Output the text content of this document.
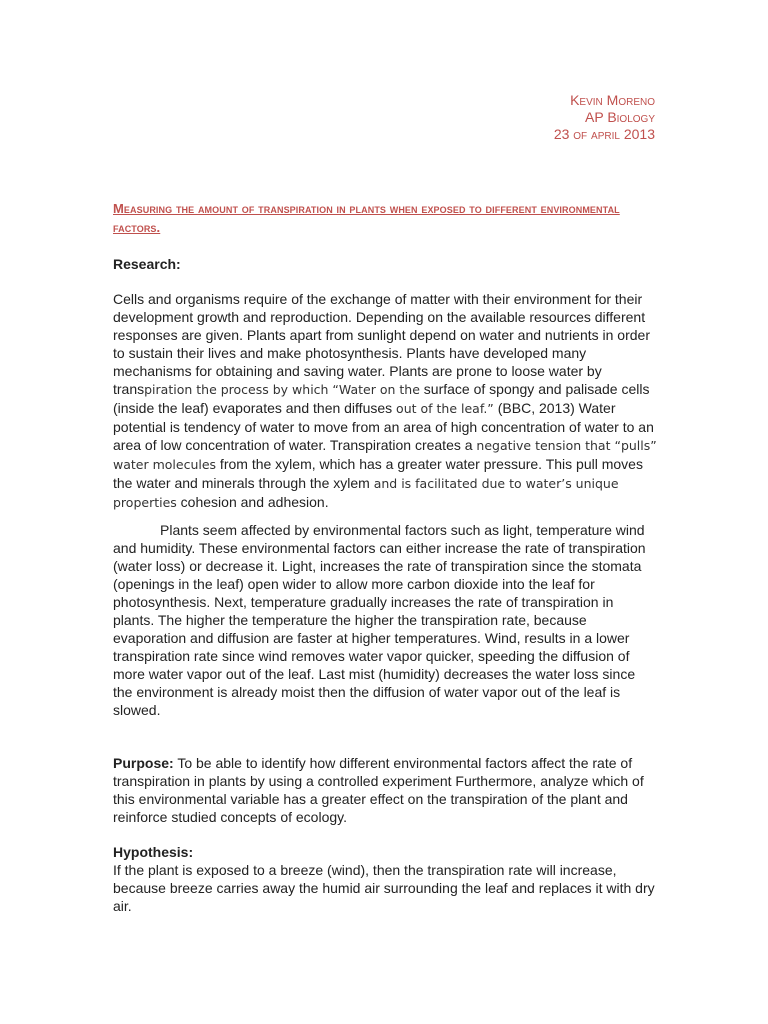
Kevin Moreno
AP Biology
23 of april 2013
Measuring the amount of transpiration in plants when exposed to different environmental factors.
Research:
Cells and organisms require of the exchange of matter with their environment for their development growth and reproduction. Depending on the available resources different responses are given. Plants apart from sunlight depend on water and nutrients in order to sustain their lives and make photosynthesis. Plants have developed many mechanisms for obtaining and saving water. Plants are prone to loose water by transpiration the process by which “Water on the surface of spongy and palisade cells (inside the leaf) evaporates and then diffuses out of the leaf.” (BBC, 2013) Water potential is tendency of water to move from an area of high concentration of water to an area of low concentration of water. Transpiration creates a negative tension that “pulls” water molecules from the xylem, which has a greater water pressure. This pull moves the water and minerals through the xylem and is facilitated due to water’s unique properties cohesion and adhesion.
Plants seem affected by environmental factors such as light, temperature wind and humidity. These environmental factors can either increase the rate of transpiration (water loss) or decrease it. Light, increases the rate of transpiration since the stomata (openings in the leaf) open wider to allow more carbon dioxide into the leaf for photosynthesis. Next, temperature gradually increases the rate of transpiration in plants. The higher the temperature the higher the transpiration rate, because evaporation and diffusion are faster at higher temperatures. Wind, results in a lower transpiration rate since wind removes water vapor quicker, speeding the diffusion of more water vapor out of the leaf. Last mist (humidity) decreases the water loss since the environment is already moist then the diffusion of water vapor out of the leaf is slowed.
Purpose: To be able to identify how different environmental factors affect the rate of transpiration in plants by using a controlled experiment Furthermore, analyze which of this environmental variable has a greater effect on the transpiration of the plant and reinforce studied concepts of ecology.
Hypothesis:
If the plant is exposed to a breeze (wind), then the transpiration rate will increase, because breeze carries away the humid air surrounding the leaf and replaces it with dry air.
